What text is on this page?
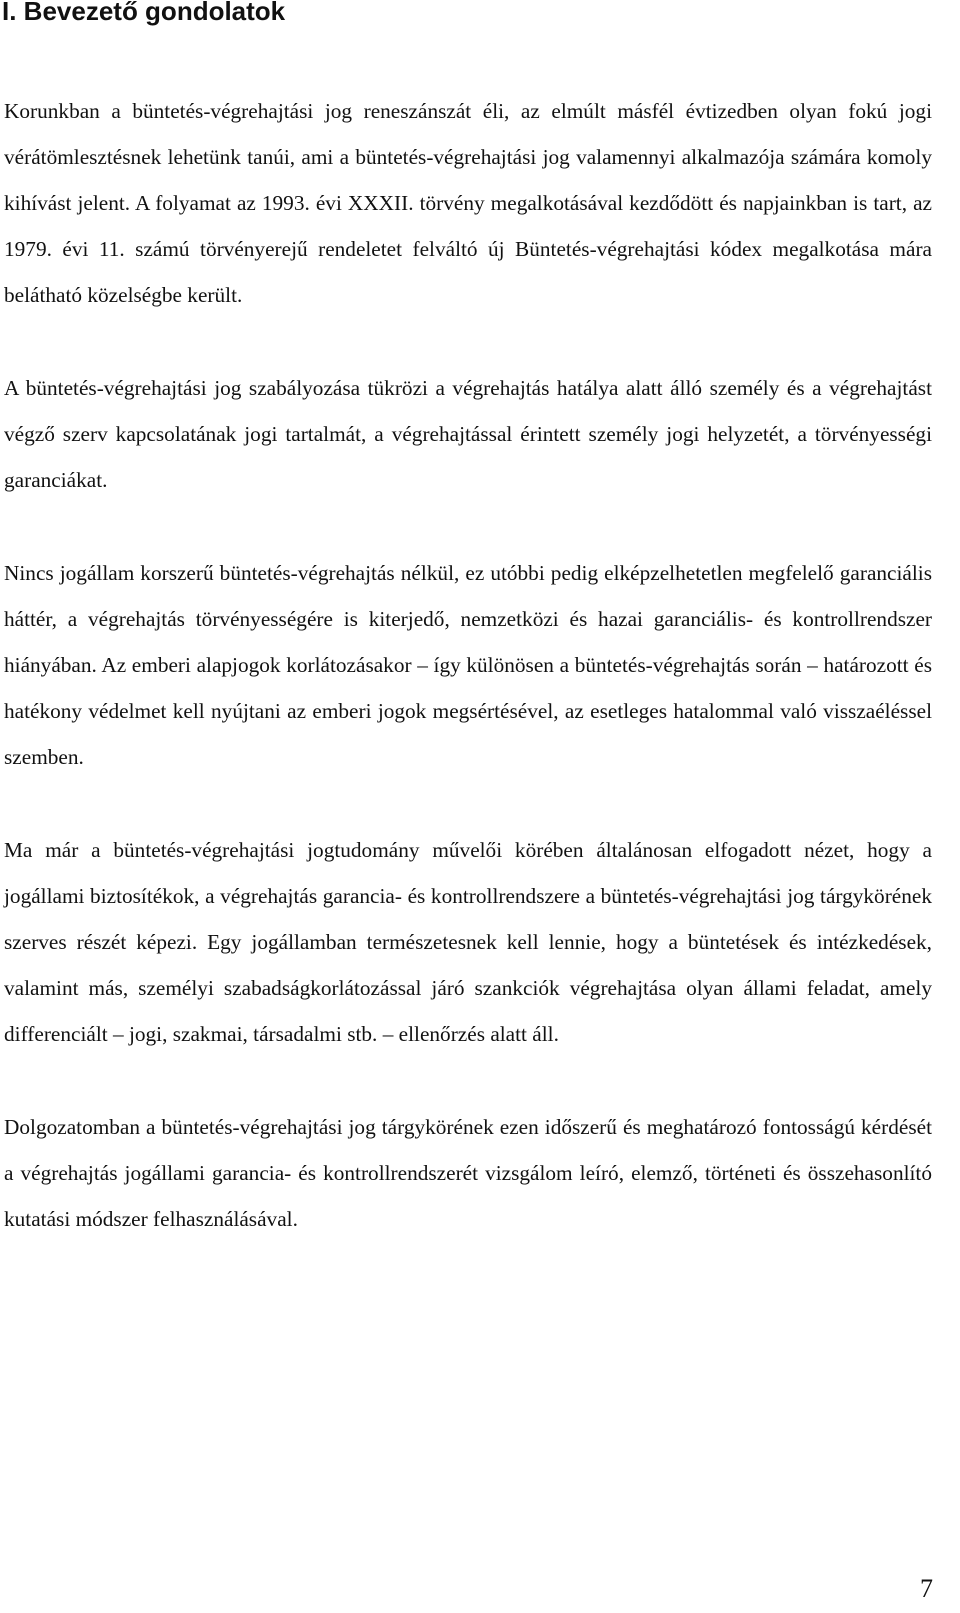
I. Bevezető gondolatok

Korunkban a büntetés-végrehajtási jog reneszánszát éli, az elmúlt másfél évtizedben olyan fokú jogi vérátömlesztésnek lehetünk tanúi, ami a büntetés-végrehajtási jog valamennyi alkalmazója számára komoly kihívást jelent. A folyamat az 1993. évi XXXII. törvény megalkotásával kezdődött és napjainkban is tart, az 1979. évi 11. számú törvényerejű rendeletet felváltó új Büntetés-végrehajtási kódex megalkotása mára belátható közelségbe került.

A büntetés-végrehajtási jog szabályozása tükrözi a végrehajtás hatálya alatt álló személy és a végrehajtást végző szerv kapcsolatának jogi tartalmát, a végrehajtással érintett személy jogi helyzetét, a törvényességi garanciákat.

Nincs jogállam korszerű büntetés-végrehajtás nélkül, ez utóbbi pedig elképzelhetetlen megfelelő garanciális háttér, a végrehajtás törvényességére is kiterjedő, nemzetközi és hazai garanciális- és kontrollrendszer hiányában. Az emberi alapjogok korlátozásakor – így különösen a büntetés-végrehajtás során – határozott és hatékony védelmet kell nyújtani az emberi jogok megsértésével, az esetleges hatalommal való visszaéléssel szemben.

Ma már a büntetés-végrehajtási jogtudomány művelői körében általánosan elfogadott nézet, hogy a jogállami biztosítékok, a végrehajtás garancia- és kontrollrendszere a büntetés-végrehajtási jog tárgykörének szerves részét képezi. Egy jogállamban természetesnek kell lennie, hogy a büntetések és intézkedések, valamint más, személyi szabadságkorlátozással járó szankciók végrehajtása olyan állami feladat, amely differenciált – jogi, szakmai, társadalmi stb. – ellenőrzés alatt áll.

Dolgozatomban a büntetés-végrehajtási jog tárgykörének ezen időszerű és meghatározó fontosságú kérdését a végrehajtás jogállami garancia- és kontrollrendszerét vizsgálom leíró, elemző, történeti és összehasonlító kutatási módszer felhasználásával.

7
